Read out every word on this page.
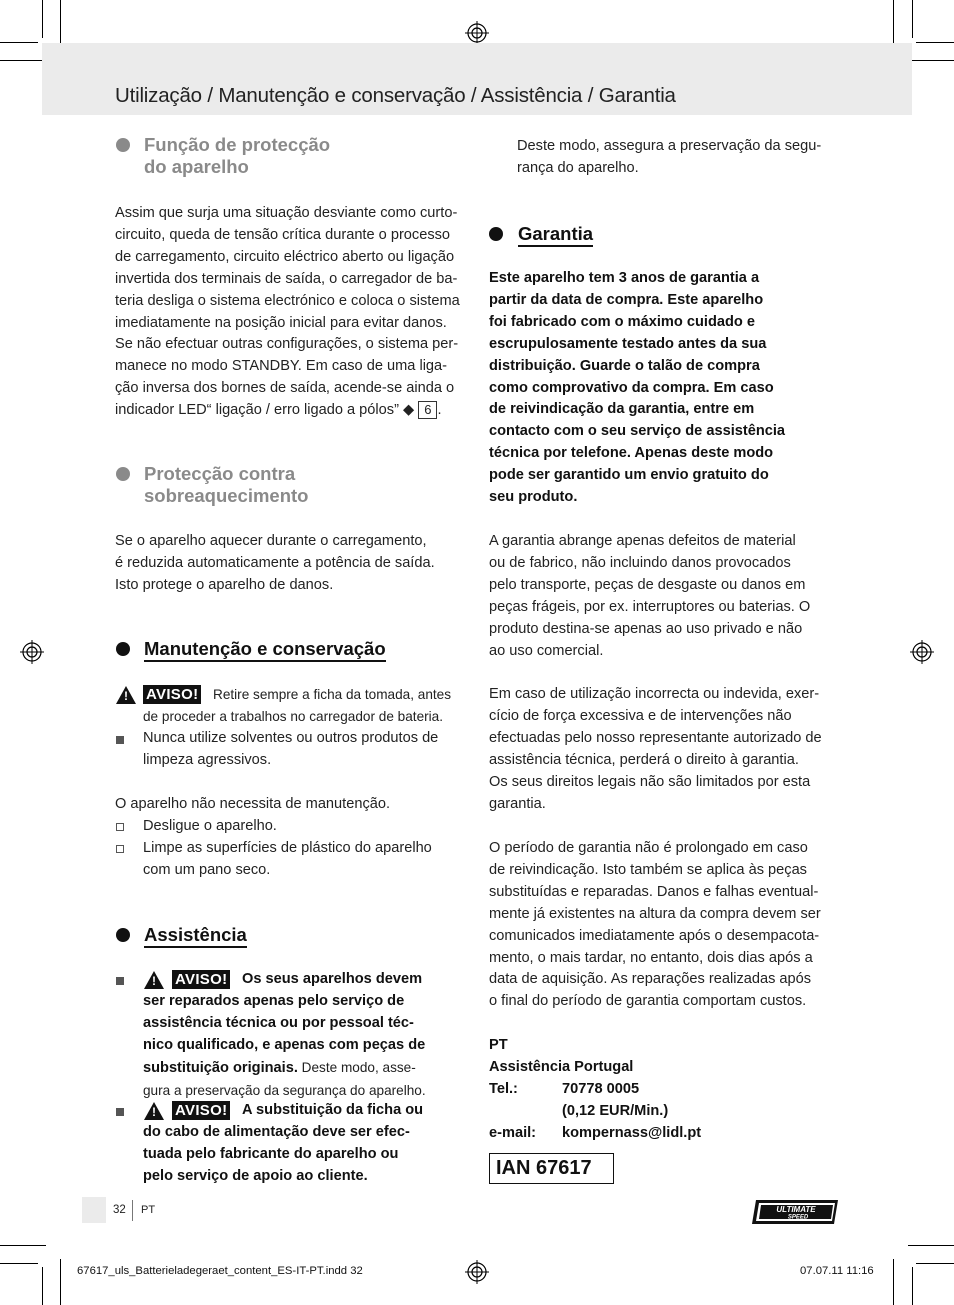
Utilização / Manutenção e conservação / Assistência / Garantia
Função de protecção
do aparelho
Assim que surja uma situação desviante como curto-
circuito, queda de tensão crítica durante o processo
de carregamento, circuito eléctrico aberto ou ligação
invertida dos terminais de saída, o carregador de ba-
teria desliga o sistema electrónico e coloca o sistema
imediatamente na posição inicial para evitar danos.
Se não efectuar outras configurações, o sistema per-
manece no modo STANDBY. Em caso de uma liga-
ção inversa dos bornes de saída, acende-se ainda o
indicador LED“ ligação / erro ligado a pólos” ◆ 6 .
Protecção contra
sobreaquecimento
Se o aparelho aquecer durante o carregamento,
é reduzida automaticamente a potência de saída.
Isto protege o aparelho de danos.
Manutenção e conservação
!
AVISO! Retire sempre a ficha da tomada, antes
de proceder a trabalhos no carregador de bateria.
Nunca utilize solventes ou outros produtos de
limpeza agressivos.
O aparelho não necessita de manutenção.
Desligue o aparelho.
Limpe as superfícies de plástico do aparelho
com um pano seco.
Assistência
!
AVISO! Os seus aparelhos devem
ser reparados apenas pelo serviço de
assistência técnica ou por pessoal téc-
nico qualificado, e apenas com peças de
substituição originais. Deste modo, asse-
gura a preservação da segurança do aparelho.
!
AVISO! A substituição da ficha ou
do cabo de alimentação deve ser efec-
tuada pelo fabricante do aparelho ou
pelo serviço de apoio ao cliente.
Deste modo, assegura a preservação da segu-
rança do aparelho.
Garantia
Este aparelho tem 3 anos de garantia a
partir da data de compra. Este aparelho
foi fabricado com o máximo cuidado e
escrupulosamente testado antes da sua
distribuição. Guarde o talão de compra
como comprovativo da compra. Em caso
de reivindicação da garantia, entre em
contacto com o seu serviço de assistência
técnica por telefone. Apenas deste modo
pode ser garantido um envio gratuito do
seu produto.
A garantia abrange apenas defeitos de material
ou de fabrico, não incluindo danos provocados
pelo transporte, peças de desgaste ou danos em
peças frágeis, por ex. interruptores ou baterias. O
produto destina-se apenas ao uso privado e não
ao uso comercial.
Em caso de utilização incorrecta ou indevida, exer-
cício de força excessiva e de intervenções não
efectuadas pelo nosso representante autorizado de
assistência técnica, perderá o direito à garantia.
Os seus direitos legais não são limitados por esta
garantia.
O período de garantia não é prolongado em caso
de reivindicação. Isto também se aplica às peças
substituídas e reparadas. Danos e falhas eventual-
mente já existentes na altura da compra devem ser
comunicados imediatamente após o desempacota-
mento, o mais tardar, no entanto, dois dias após a
data de aquisição. As reparações realizadas após
o final do período de garantia comportam custos.
PT
Assistência Portugal
Tel.:	70778 0005
(0,12 EUR/Min.)
e-mail: kompernass@lidl.pt
IAN 67617
32 PT	ULTIMATE
SPEED
67617_uls_Batterieladegeraet_content_ES-IT-PT.indd 32	07.07.11 11:16
